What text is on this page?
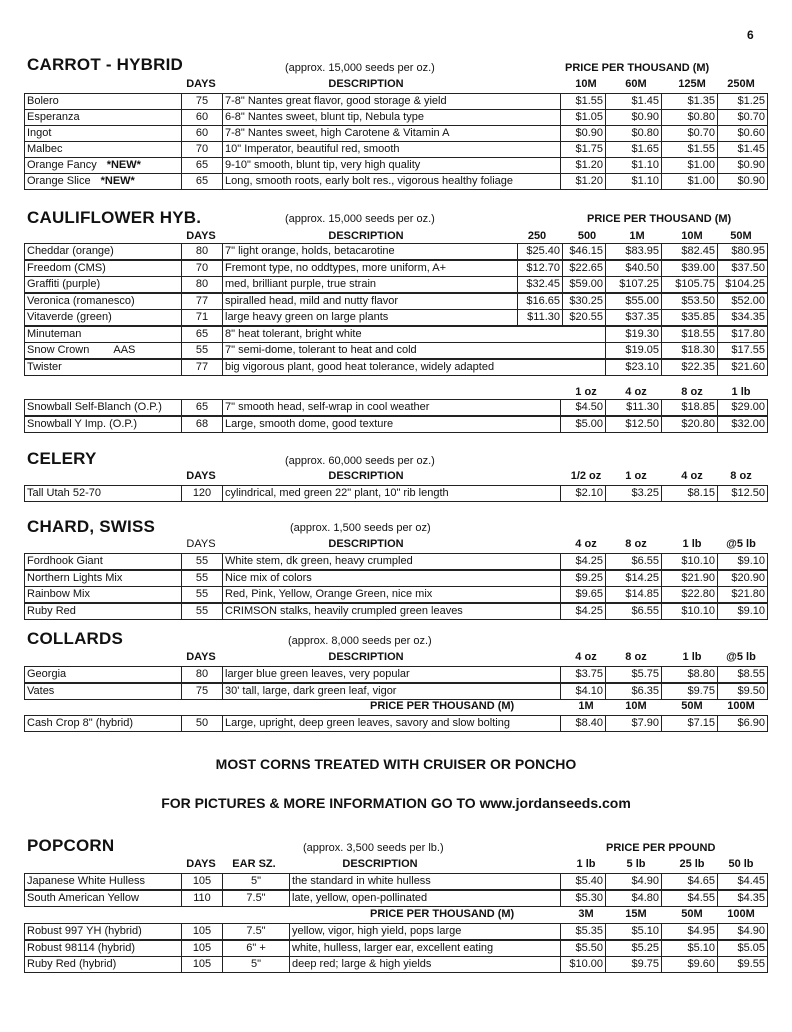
6
CARROT - HYBRID	(approx. 15,000 seeds per oz.)	PRICE PER THOUSAND (M)
DAYS	DESCRIPTION	10M	60M	125M 250M
Bolero	75	7-8" Nantes great flavor, good storage & yield	$1.55	$1.45	$1.35	$1.25
Esperanza	60	6-8" Nantes sweet, blunt tip, Nebula type	$1.05	$0.90	$0.80	$0.70
Ingot	60	7-8" Nantes sweet, high Carotene & Vitamin A	$0.90	$0.80	$0.70	$0.60
Malbec	70	10" Imperator, beautiful red, smooth	$1.75	$1.65	$1.55	$1.45
Orange Fancy *NEW*	65	9-10" smooth, blunt tip, very high quality	$1.20	$1.10	$1.00	$0.90
Orange Slice *NEW*	65	Long, smooth roots, early bolt res., vigorous healthy foliage	$1.20	$1.10	$1.00	$0.90
CAULIFLOWER HYB.	(approx. 15,000 seeds per oz.)	PRICE PER THOUSAND (M)
DAYS	DESCRIPTION	250	500	1M	10M	50M
Cheddar (orange)	80	7" light orange, holds, betacarotine	$25.40 $46.15	$83.95	$82.45	$80.95
Freedom (CMS)	70	Fremont type, no oddtypes, more uniform, A+	$12.70 $22.65	$40.50	$39.00	$37.50
Graffiti (purple)	80	med, brilliant purple, true strain	$32.45 $59.00	$107.25	$105.75 $104.25
Veronica (romanesco)	77	spiralled head, mild and nutty flavor	$16.65 $30.25	$55.00	$53.50	$52.00
Vitaverde (green)	71	large heavy green on large plants	$11.30 $20.55	$37.35	$35.85	$34.35
Minuteman	65	8" heat tolerant, bright white	$19.30	$18.55	$17.80
Snow Crown AAS	55	7" semi-dome, tolerant to heat and cold	$19.05	$18.30	$17.55
Twister	77	big vigorous plant, good heat tolerance, widely adapted	$23.10	$22.35	$21.60
1 oz	4 oz	8 oz	1 lb
Snowball Self-Blanch (O.P.)	65	7" smooth head, self-wrap in cool weather	$4.50	$11.30	$18.85	$29.00
Snowball Y Imp. (O.P.)	68	Large, smooth dome, good texture	$5.00	$12.50	$20.80	$32.00
CELERY	(approx. 60,000 seeds per oz.)
DAYS	DESCRIPTION	1/2 oz 1 oz	4 oz	8 oz
Tall Utah 52-70	120	cylindrical, med green 22" plant, 10" rib length	$2.10	$3.25	$8.15	$12.50
CHARD, SWISS	(approx. 1,500 seeds per oz)
DAYS	DESCRIPTION	4 oz	8 oz	1 lb @5 lb
Fordhook Giant	55	White stem, dk green, heavy crumpled	$4.25	$6.55	$10.10	$9.10
Northern Lights Mix	55	Nice mix of colors	$9.25	$14.25	$21.90	$20.90
Rainbow Mix	55	Red, Pink, Yellow, Orange Green, nice mix	$9.65	$14.85	$22.80	$21.80
Ruby Red	55	CRIMSON stalks, heavily crumpled green leaves	$4.25	$6.55	$10.10	$9.10
COLLARDS	(approx. 8,000 seeds per oz.)
DAYS	DESCRIPTION	4 oz	8 oz	1 lb @5 lb
Georgia	80	larger blue green leaves, very popular	$3.75	$5.75	$8.80	$8.55
Vates	75	30' tall, large, dark green leaf, vigor	$4.10	$6.35	$9.75	$9.50
PRICE PER THOUSAND (M)	1M	10M	50M 100M
Cash Crop 8" (hybrid)	50	Large, upright, deep green leaves, savory and slow bolting	$8.40	$7.90	$7.15	$6.90
MOST CORNS TREATED WITH CRUISER OR PONCHO
FOR PICTURES & MORE INFORMATION GO TO www.jordanseeds.com
POPCORN	(approx. 3,500 seeds per lb.)	PRICE PER PPOUND
DAYS EAR SZ.	DESCRIPTION	1 lb	5 lb	25 lb 50 lb
Japanese White Hulless	105	5"	the standard in white hulless	$5.40	$4.90	$4.65	$4.45
South American Yellow	110	7.5"	late, yellow, open-pollinated	$5.30	$4.80	$4.55	$4.35
PRICE PER THOUSAND (M)	3M	15M	50M 100M
Robust 997 YH (hybrid)	105	7.5"	yellow, vigor, high yield, pops large	$5.35	$5.10	$4.95	$4.90
Robust 98114 (hybrid)	105	6" +	white, hulless, larger ear, excellent eating	$5.50	$5.25	$5.10	$5.05
Ruby Red (hybrid)	105	5"	deep red; large & high yields	$10.00	$9.75	$9.60	$9.55
